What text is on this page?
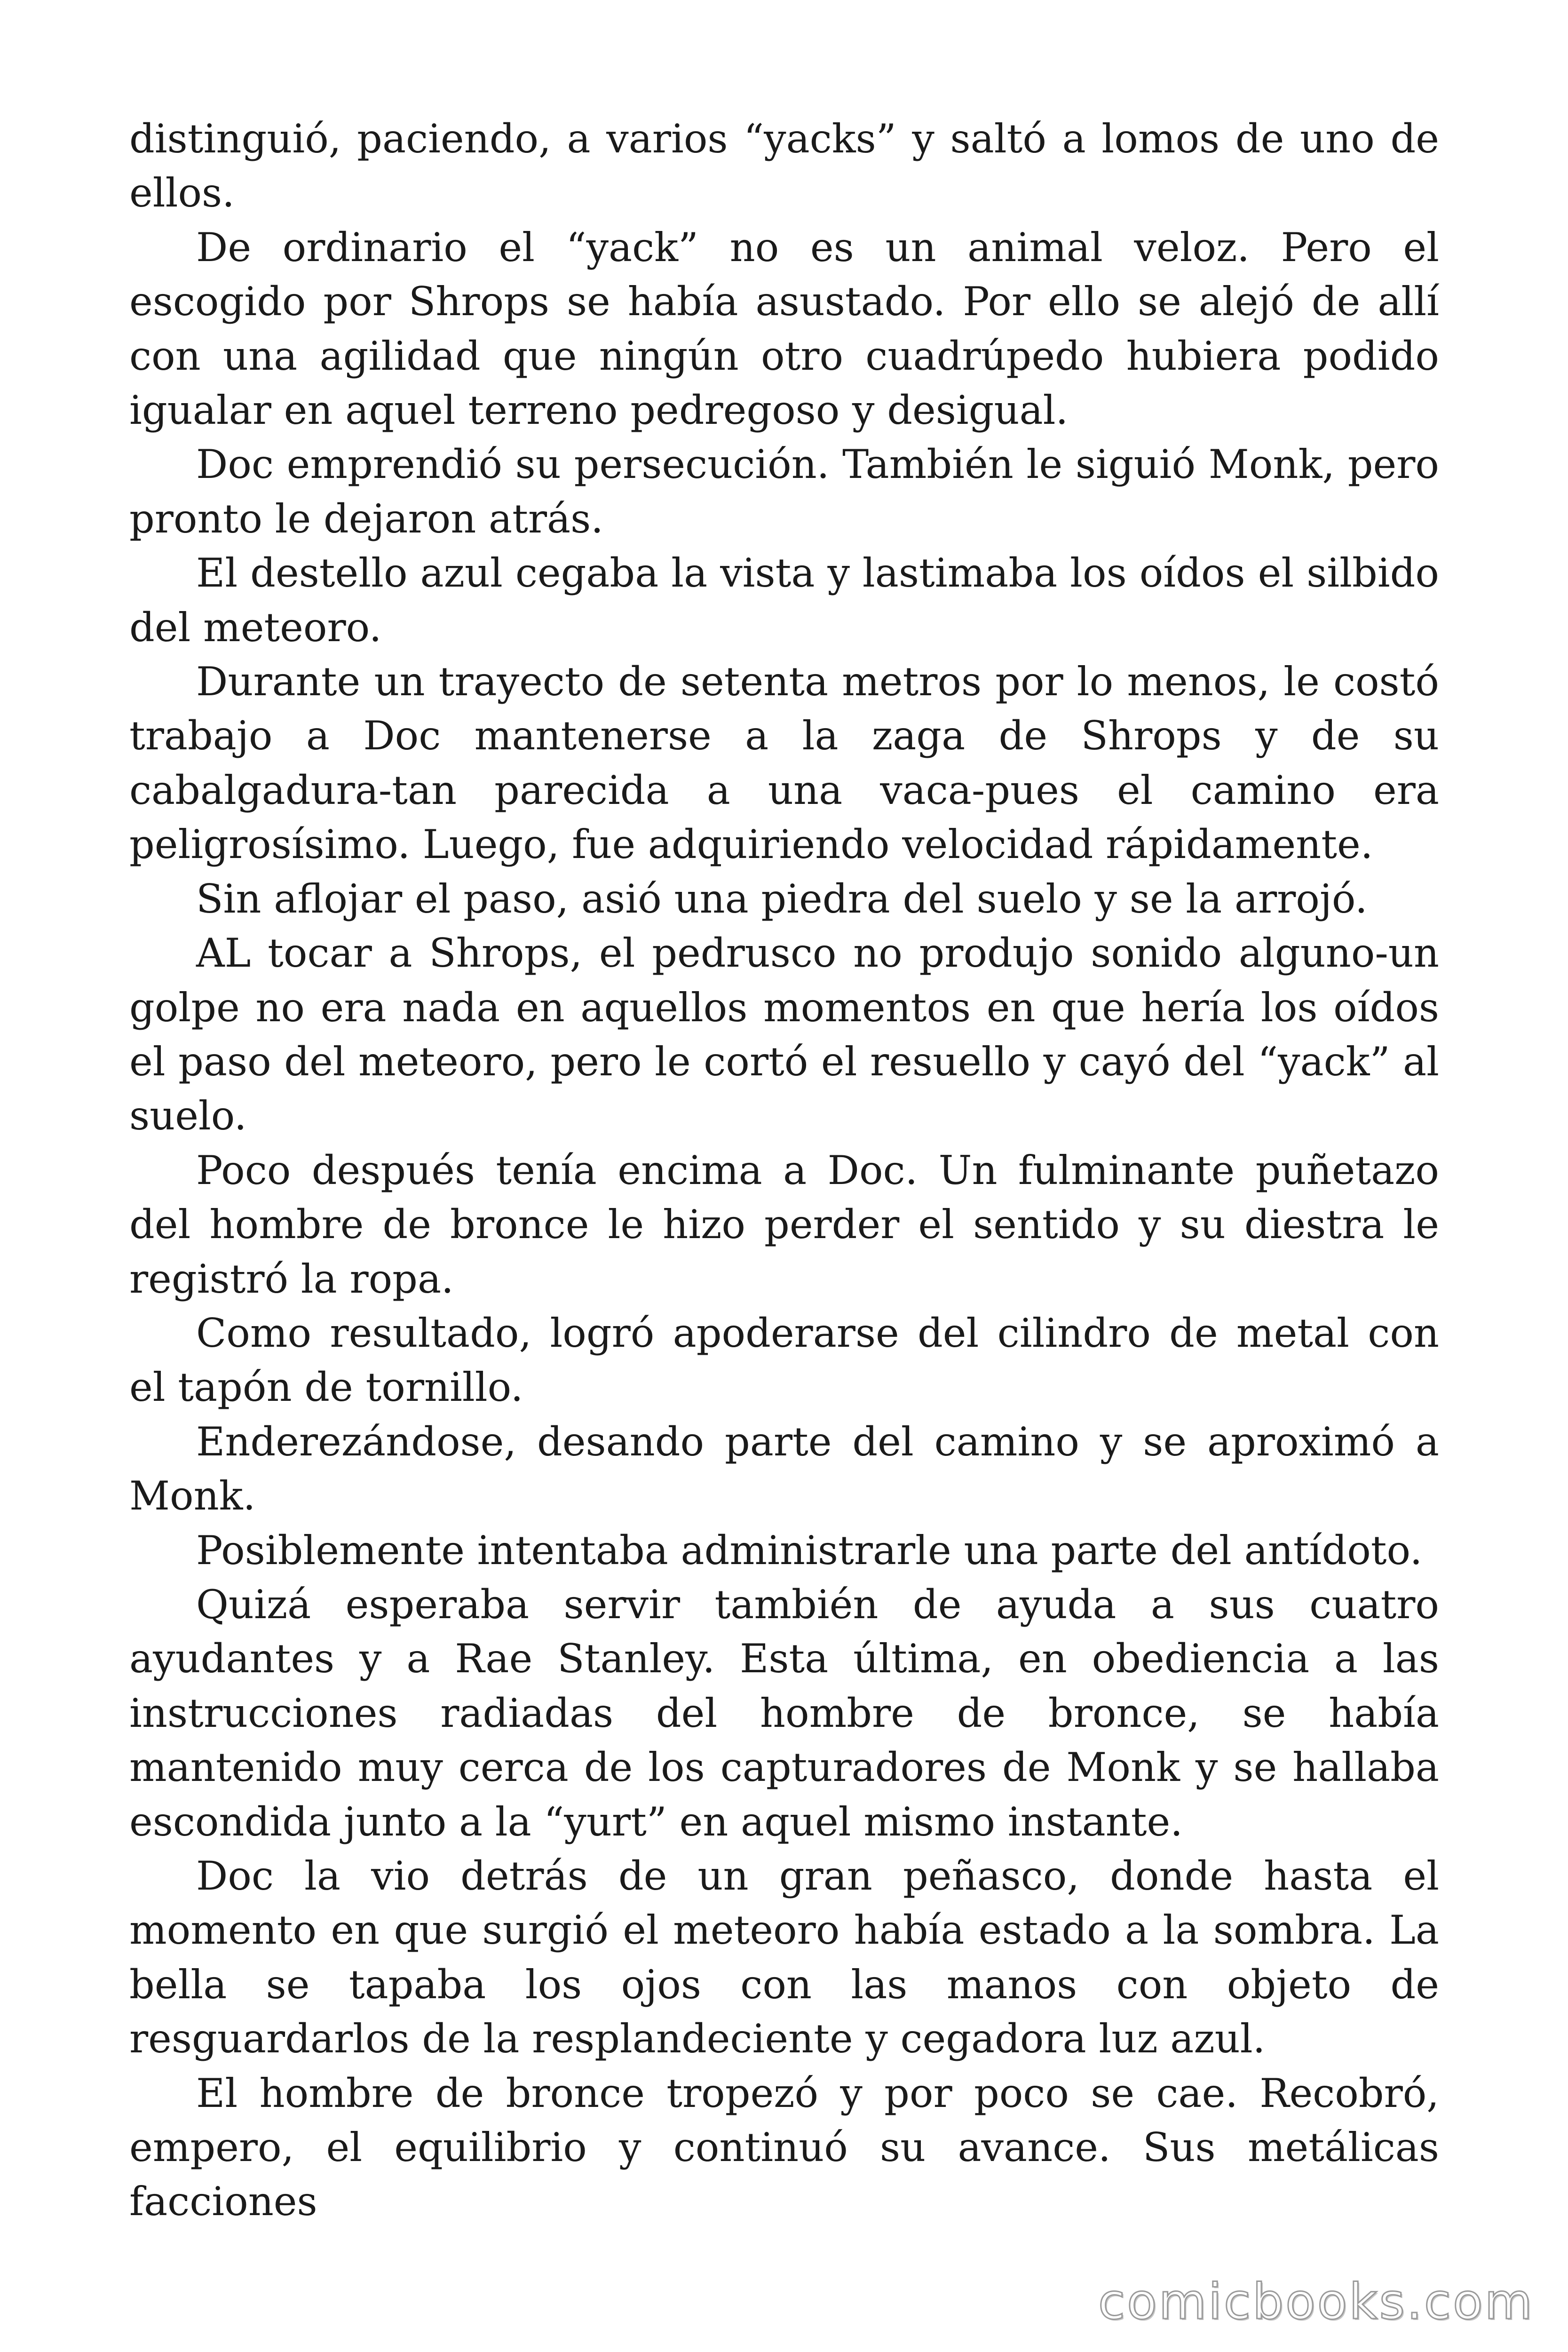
distinguió, paciendo, a varios “yacks” y saltó a lomos de uno de ellos.

De ordinario el “yack” no es un animal veloz. Pero el escogido por Shrops se había asustado. Por ello se alejó de allí con una agilidad que ningún otro cuadrúpedo hubiera podido igualar en aquel terreno pedregoso y desigual.

Doc emprendió su persecución. También le siguió Monk, pero pronto le dejaron atrás.

El destello azul cegaba la vista y lastimaba los oídos el silbido del meteoro.

Durante un trayecto de setenta metros por lo menos, le costó trabajo a Doc mantenerse a la zaga de Shrops y de su cabalgadura-tan parecida a una vaca-pues el camino era peligrosísimo. Luego, fue adquiriendo velocidad rápidamente.

Sin aflojar el paso, asió una piedra del suelo y se la arrojó.

AL tocar a Shrops, el pedrusco no produjo sonido alguno-un golpe no era nada en aquellos momentos en que hería los oídos el paso del meteoro, pero le cortó el resuello y cayó del “yack” al suelo.

Poco después tenía encima a Doc. Un fulminante puñetazo del hombre de bronce le hizo perder el sentido y su diestra le registró la ropa.

Como resultado, logró apoderarse del cilindro de metal con el tapón de tornillo.

Enderezándose, desando parte del camino y se aproximó a Monk.

Posiblemente intentaba administrarle una parte del antídoto.

Quizá esperaba servir también de ayuda a sus cuatro ayudantes y a Rae Stanley. Esta última, en obediencia a las instrucciones radiadas del hombre de bronce, se había mantenido muy cerca de los capturadores de Monk y se hallaba escondida junto a la “yurt” en aquel mismo instante.

Doc la vio detrás de un gran peñasco, donde hasta el momento en que surgió el meteoro había estado a la sombra. La bella se tapaba los ojos con las manos con objeto de resguardarlos de la resplandeciente y cegadora luz azul.

El hombre de bronce tropezó y por poco se cae. Recobró, empero, el equilibrio y continuó su avance. Sus metálicas facciones

comicbooks.com
